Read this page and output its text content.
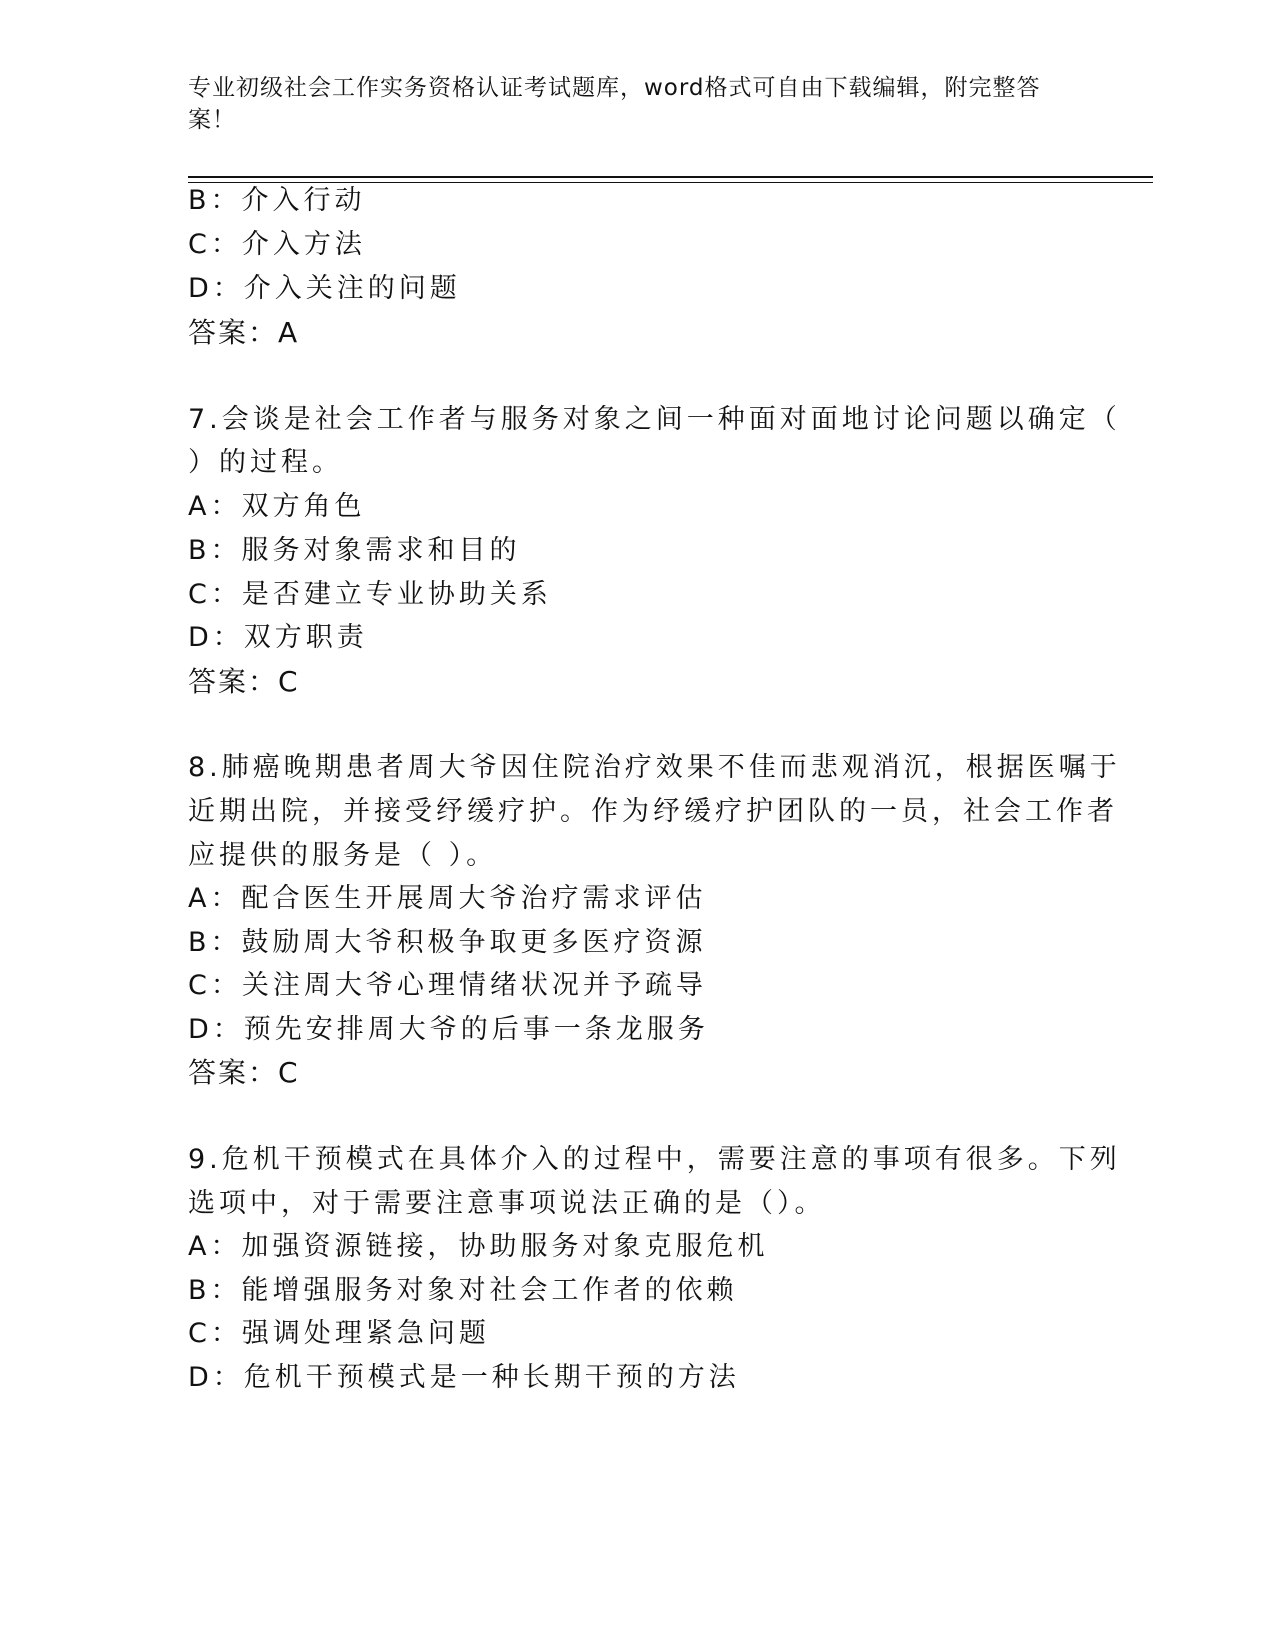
专业初级社会工作实务资格认证考试题库，word格式可自由下载编辑，附完整答
案！
B：介入行动
C：介入方法
D：介入关注的问题
答案：A
7.会谈是社会工作者与服务对象之间一种面对面地讨论问题以确定（
）的过程。
A：双方角色
B：服务对象需求和目的
C：是否建立专业协助关系
D：双方职责
答案：C
8.肺癌晚期患者周大爷因住院治疗效果不佳而悲观消沉，根据医嘱于
近期出院，并接受纾缓疗护。作为纾缓疗护团队的一员，社会工作者
应提供的服务是（ ）。
A：配合医生开展周大爷治疗需求评估
B：鼓励周大爷积极争取更多医疗资源
C：关注周大爷心理情绪状况并予疏导
D：预先安排周大爷的后事一条龙服务
答案：C
9.危机干预模式在具体介入的过程中，需要注意的事项有很多。下列
选项中，对于需要注意事项说法正确的是（）。
A：加强资源链接，协助服务对象克服危机
B：能增强服务对象对社会工作者的依赖
C：强调处理紧急问题
D：危机干预模式是一种长期干预的方法
